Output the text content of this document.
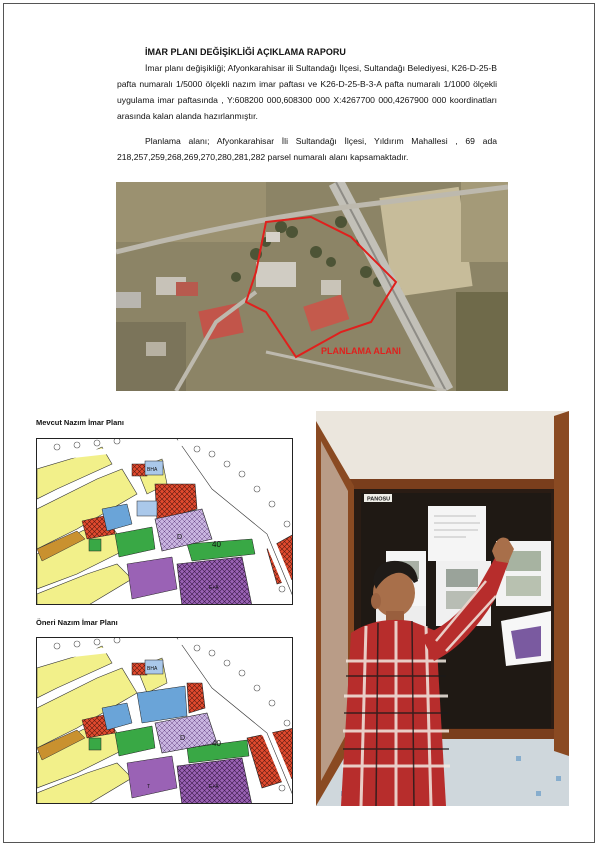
İMAR PLANI DEĞİŞİKLİĞİ AÇIKLAMA RAPORU

İmar planı değişikliği; Afyonkarahisar ili Sultandağı İlçesi, Sultandağı Belediyesi, K26-D-25-B pafta numaralı 1/5000 ölçekli nazım imar paftası ve K26-D-25-B-3-A pafta numaralı 1/1000 ölçekli uygulama imar paftasında , Y:608200 000,608300 000 X:4267700 000,4267900 000 koordinatları arasında kalan alanda hazırlanmıştır.

Planlama alanı; Afyonkarahisar İli Sultandağı İlçesi, Yıldırım Mahallesi , 69 ada 218,257,259,268,269,270,280,281,282 parsel numaralı alanı kapsamaktadır.

PLANLAMA ALANI
Mevcut Nazım İmar Planı
40
D
BHA
E+A
Öneri Nazım İmar Planı
40
D
BHA
E+A
T
PANOSU
